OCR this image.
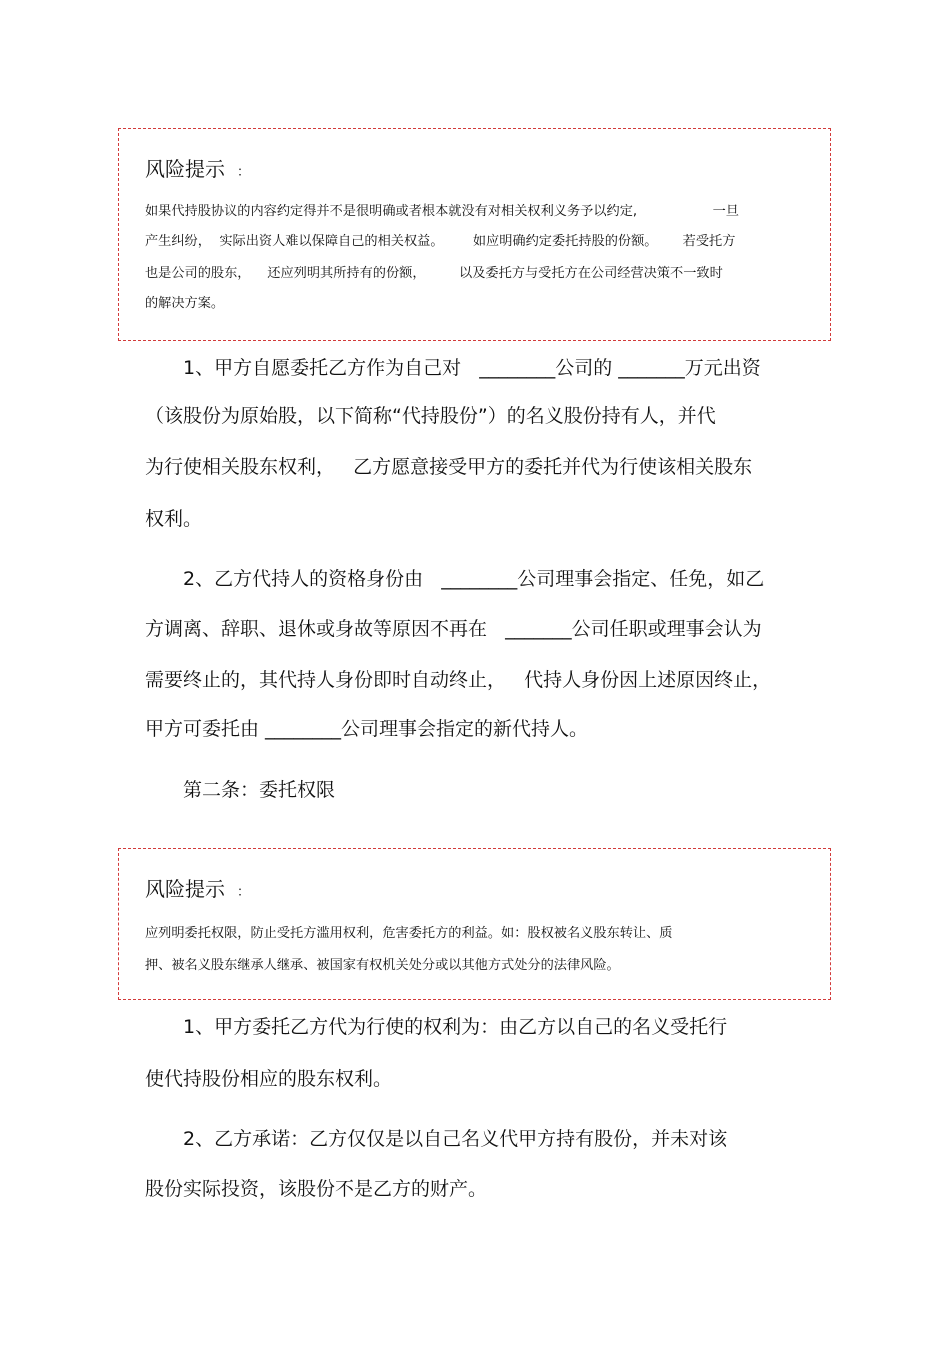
风险提示 ：
如果代持股协议的内容约定得并不是很明确或者根本就没有对相关权利义务予以约定,                  一旦
产生纠纷，  实际出资人难以保障自己的相关权益。       如应明确约定委托持股的份额。      若受托方
也是公司的股东，    还应列明其所持有的份额，        以及委托方与受托方在公司经营决策不一致时
的解决方案。
1、甲方自愿委托乙方作为自己对   ________公司的 _______万元出资
（该股份为原始股，以下简称“代持股份”）的名义股份持有人，并代
为行使相关股东权利，   乙方愿意接受甲方的委托并代为行使该相关股东
权利。
2、乙方代持人的资格身份由   ________公司理事会指定、任免，如乙
方调离、辞职、退休或身故等原因不再在   _______公司任职或理事会认为
需要终止的，其代持人身份即时自动终止，   代持人身份因上述原因终止，
甲方可委托由 ________公司理事会指定的新代持人。
第二条：委托权限
风险提示 ：
应列明委托权限，防止受托方滥用权利，危害委托方的利益。如：股权被名义股东转让、质
押、被名义股东继承人继承、被国家有权机关处分或以其他方式处分的法律风险。
1、甲方委托乙方代为行使的权利为：由乙方以自己的名义受托行
使代持股份相应的股东权利。
2、乙方承诺：乙方仅仅是以自己名义代甲方持有股份，并未对该
股份实际投资，该股份不是乙方的财产。
